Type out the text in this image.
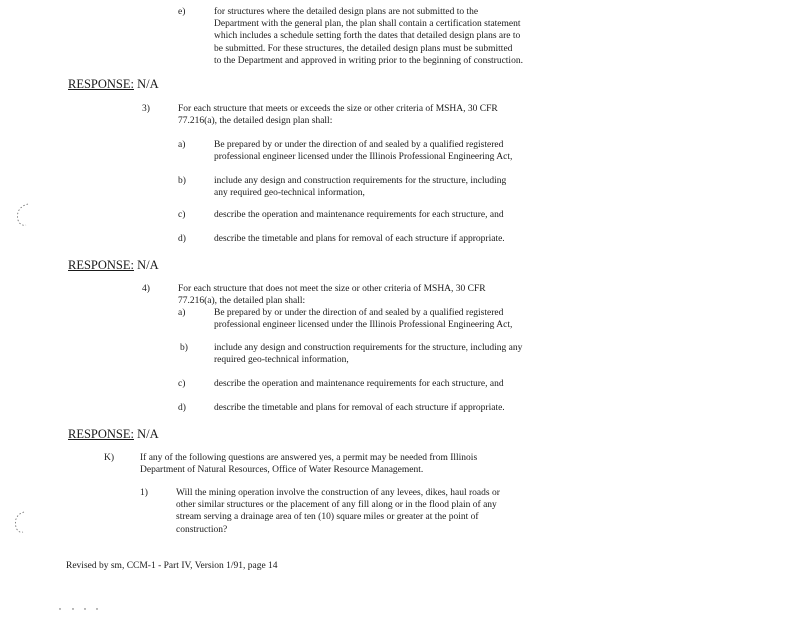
e)	for structures where the detailed design plans are not submitted to the
Department with the general plan, the plan shall contain a certification statement
which includes a schedule setting forth the dates that detailed design plans are to
be submitted. For these structures, the detailed design plans must be submitted
to the Department and approved in writing prior to the beginning of construction.
RESPONSE: N/A
3)	For each structure that meets or exceeds the size or other criteria of MSHA, 30 CFR
77.216(a), the detailed design plan shall:
a)	Be prepared by or under the direction of and sealed by a qualified registered
professional engineer licensed under the Illinois Professional Engineering Act,
b)	include any design and construction requirements for the structure, including
any required geo-technical information,
c)	describe the operation and maintenance requirements for each structure, and
d)	describe the timetable and plans for removal of each structure if appropriate.
RESPONSE: N/A
4)	For each structure that does not meet the size or other criteria of MSHA, 30 CFR
77.216(a), the detailed plan shall:
a)	Be prepared by or under the direction of and sealed by a qualified registered
professional engineer licensed under the Illinois Professional Engineering Act,
b)	include any design and construction requirements for the structure, including any
required geo-technical information,
c)	describe the operation and maintenance requirements for each structure, and
d)	describe the timetable and plans for removal of each structure if appropriate.
RESPONSE: N/A
K)	If any of the following questions are answered yes, a permit may be needed from Illinois
Department of Natural Resources, Office of Water Resource Management.
1)	Will the mining operation involve the construction of any levees, dikes, haul roads or
other similar structures or the placement of any fill along or in the flood plain of any
stream serving a drainage area of ten (10) square miles or greater at the point of
construction?
Revised by sm, CCM-1 - Part IV, Version 1/91, page 14
